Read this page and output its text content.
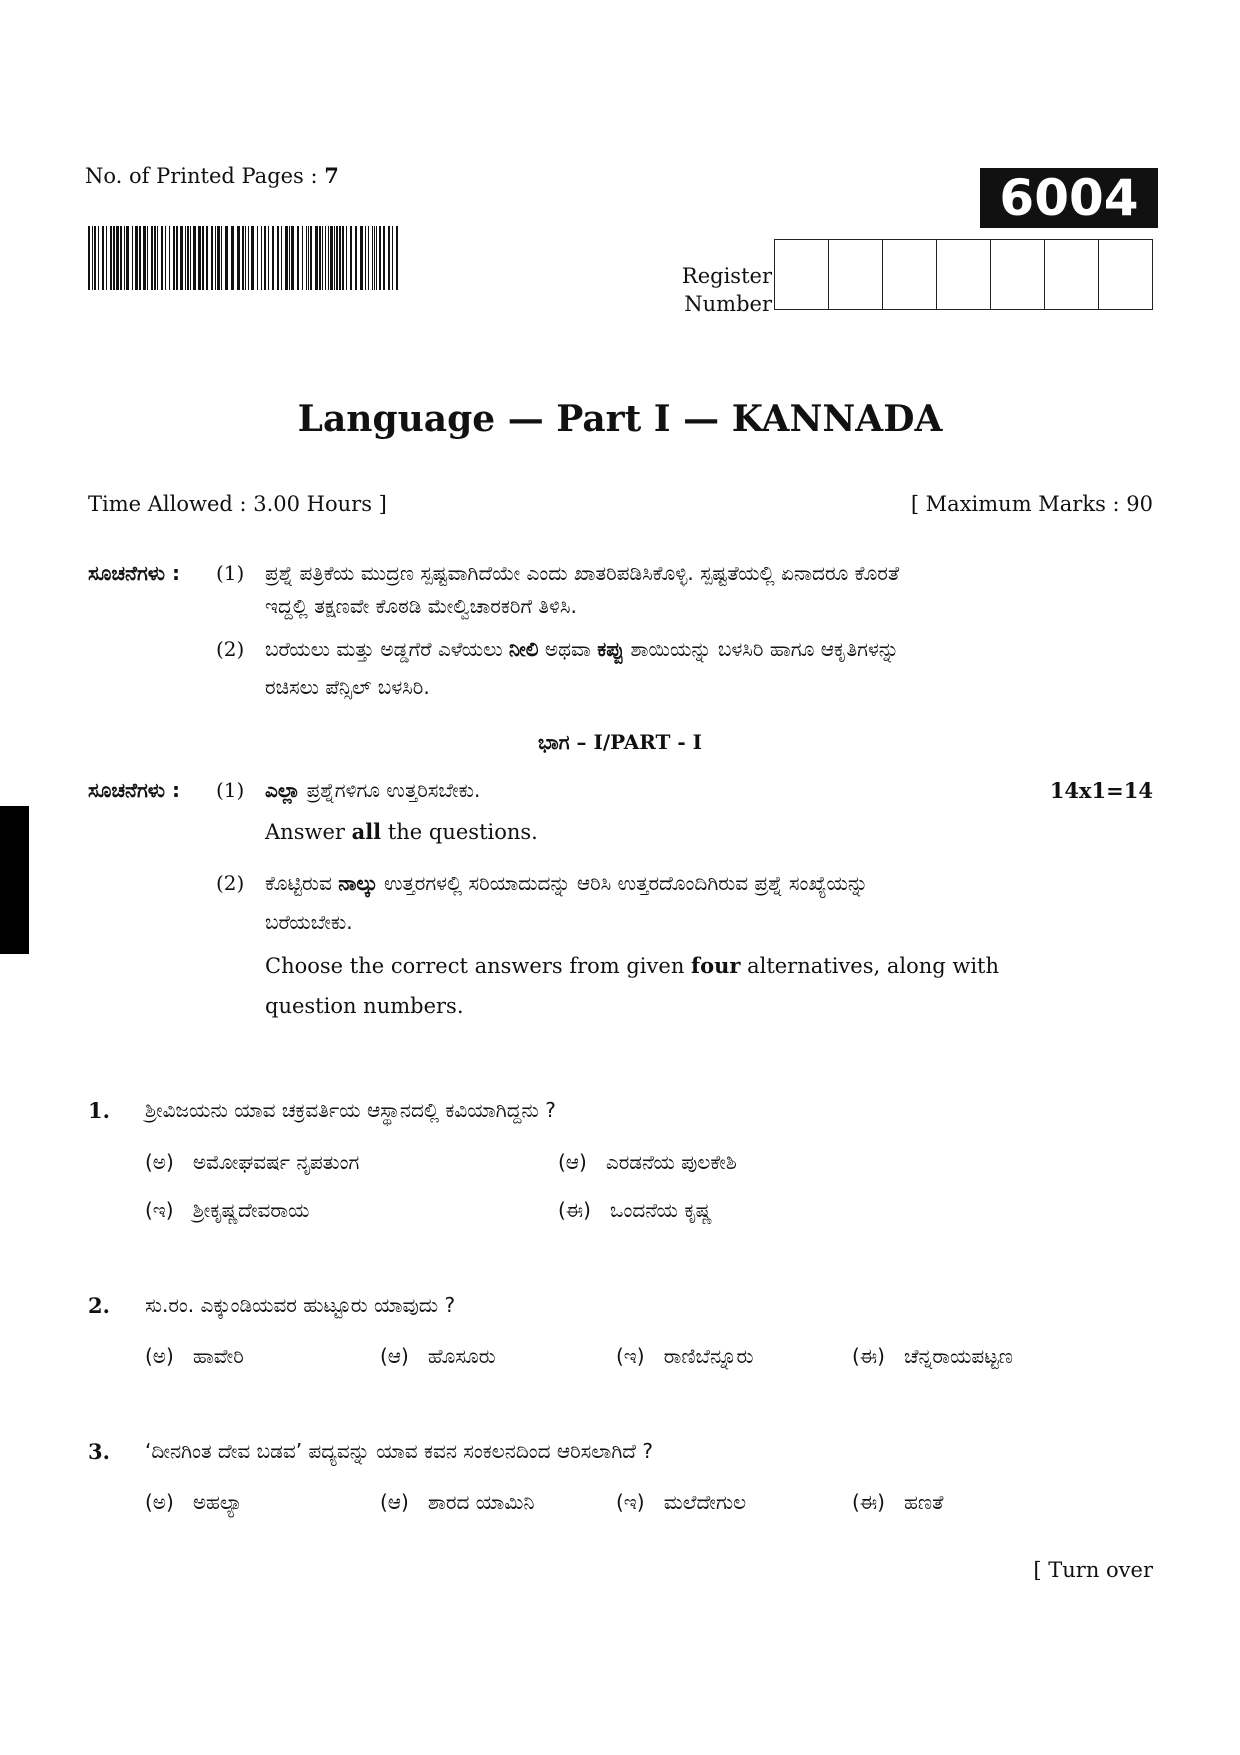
No. of Printed Pages : 7	6004
Register
Number
Language — Part I — KANNADA
Time Allowed : 3.00 Hours ]	[ Maximum Marks : 90
ಸೂಚನೆಗಳು : (1) ಪ್ರಶ್ನೆ ಪತ್ರಿಕೆಯ ಮುದ್ರಣ ಸ್ಪಷ್ಟವಾಗಿದೆಯೇ ಎಂದು ಖಾತರಿಪಡಿಸಿಕೊಳ್ಳಿ. ಸ್ಪಷ್ಟತೆಯಲ್ಲಿ ಏನಾದರೂ ಕೊರತೆ
ಇದ್ದಲ್ಲಿ ತಕ್ಷಣವೇ ಕೊಠಡಿ ಮೇಲ್ವಿಚಾರಕರಿಗೆ ತಿಳಿಸಿ.
(2) ಬರೆಯಲು ಮತ್ತು ಅಡ್ಡಗೆರೆ ಎಳೆಯಲು ನೀಲಿ ಅಥವಾ ಕಪ್ಪು ಶಾಯಿಯನ್ನು ಬಳಸಿರಿ ಹಾಗೂ ಆಕೃತಿಗಳನ್ನು
ರಚಿಸಲು ಪೆನ್ಸಿಲ್ ಬಳಸಿರಿ.
ಭಾಗ – I/PART - I
ಸೂಚನೆಗಳು : (1) ಎಲ್ಲಾ ಪ್ರಶ್ನೆಗಳಿಗೂ ಉತ್ತರಿಸಬೇಕು.	14x1=14
Answer all the questions.
(2) ಕೊಟ್ಟಿರುವ ನಾಲ್ಕು ಉತ್ತರಗಳಲ್ಲಿ ಸರಿಯಾದುದನ್ನು ಆರಿಸಿ ಉತ್ತರದೊಂದಿಗಿರುವ ಪ್ರಶ್ನೆ ಸಂಖ್ಯೆಯನ್ನು
ಬರೆಯಬೇಕು.
Choose the correct answers from given four alternatives, along with
question numbers.
1. ಶ್ರೀವಿಜಯನು ಯಾವ ಚಕ್ರವರ್ತಿಯ ಆಸ್ಥಾನದಲ್ಲಿ ಕವಿಯಾಗಿದ್ದನು ?
(ಅ) ಅಮೋಘವರ್ಷ ನೃಪತುಂಗ	(ಆ) ಎರಡನೆಯ ಪುಲಕೇಶಿ
(ಇ) ಶ್ರೀಕೃಷ್ಣದೇವರಾಯ	(ಈ) ಒಂದನೆಯ ಕೃಷ್ಣ
2. ಸು.ರಂ. ಎಕ್ಕುಂಡಿಯವರ ಹುಟ್ಟೂರು ಯಾವುದು ?
(ಅ) ಹಾವೇರಿ	(ಆ) ಹೊಸೂರು	(ಇ) ರಾಣಿಬೆನ್ನೂರು	(ಈ) ಚೆನ್ನರಾಯಪಟ್ಟಣ
3. ‘ದೀನಗಿಂತ ದೇವ ಬಡವ’ ಪದ್ಯವನ್ನು ಯಾವ ಕವನ ಸಂಕಲನದಿಂದ ಆರಿಸಲಾಗಿದೆ ?
(ಅ) ಅಹಲ್ಯಾ	(ಆ) ಶಾರದ ಯಾಮಿನಿ	(ಇ) ಮಲೆದೇಗುಲ	(ಈ) ಹಣತೆ
[ Turn over
